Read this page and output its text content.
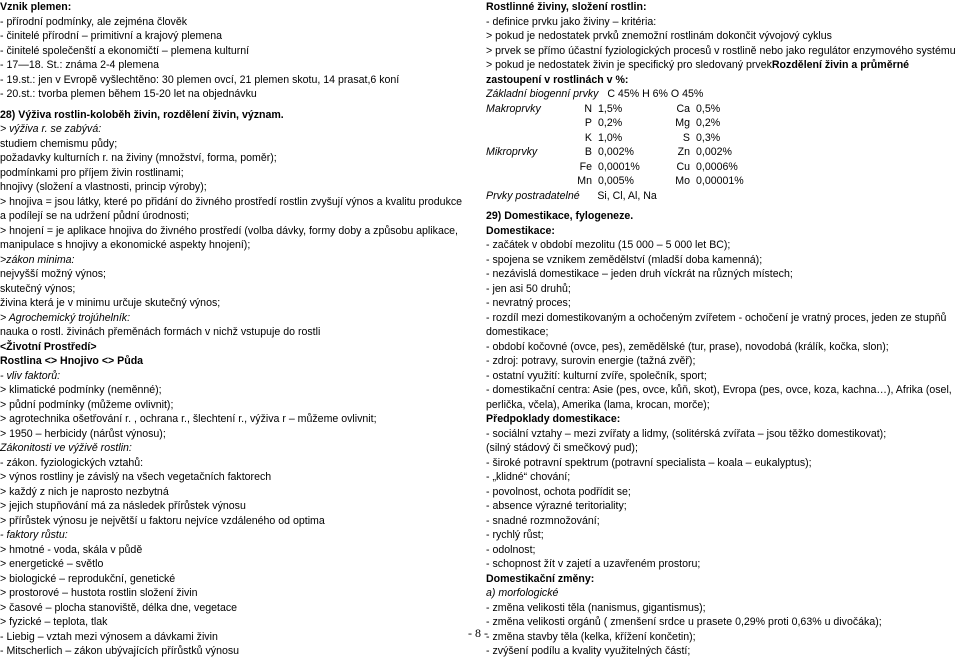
Vznik plemen:
- přírodní podmínky, ale zejména člověk
- činitelé přírodní – primitivní a krajový plemena
- činitelé společenští a ekonomičtí – plemena kulturní
- 17—18. St.: známa 2-4 plemena
- 19.st.: jen v Evropě vyšlechtěno: 30 plemen ovcí, 21 plemen skotu, 14 prasat,6 koní
- 20.st.: tvorba plemen během 15-20 let na objednávku
28) Výživa rostlin-koloběh živin, rozdělení živin, význam.
> výživa r. se zabývá:
studiem chemismu půdy;
požadavky kulturních r. na živiny (množství, forma, poměr);
podmínkami pro příjem živin rostlinami;
hnojivy (složení a vlastnosti, princip výroby);
> hnojiva = jsou látky, které po přidání do živného prostředí rostlin zvyšují výnos a kvalitu produkce
a podílejí se na udržení půdní úrodnosti;
> hnojení = je aplikace hnojiva do živného prostředí (volba dávky, formy doby a způsobu aplikace,
manipulace s hnojivy a ekonomické aspekty hnojení);
>zákon minima:
nejvyšší možný výnos;
skutečný výnos;
živina která je v minimu určuje skutečný výnos;
> Agrochemický trojúhelník:
nauka o rostl. živinách přeměnách formách v nichž vstupuje do rostli
<Životní Prostředí>
Rostlina <> Hnojivo <> Půda
- vliv faktorů:
> klimatické podmínky (neměnné);
> půdní podmínky (můžeme ovlivnit);
> agrotechnika ošetřování r. , ochrana r., šlechtení r., výživa r – můžeme ovlivnit;
> 1950 – herbicidy (nárůst výnosu);
Zákonitosti ve výživě rostlin:
- zákon. fyziologických vztahů:
> výnos rostliny je závislý na všech vegetačních faktorech
> každý z nich je naprosto nezbytná
> jejich stupňování má za následek přírůstek výnosu
> přírůstek výnosu je největší u faktoru nejvíce vzdáleného od optima
- faktory růstu:
> hmotné - voda, skála v půdě
> energetické – světlo
> biologické – reprodukční, genetické
> prostorové – hustota rostlin složení živin
> časové – plocha stanoviště, délka dne, vegetace
> fyzické – teplota, tlak
- Liebig – vztah mezi výnosem a dávkami živin
- Mitscherlich – zákon ubývajících přírůstků výnosu
Rostlinné živiny, složení rostlin:
- definice prvku jako živiny – kritéria:
> pokud je nedostatek prvků znemožní rostlinám dokončit vývojový cyklus
> prvek se přímo účastní fyziologických procesů v rostlině nebo jako regulátor enzymového systému
> pokud je nedostatek živin je specifický pro sledovaný prvekRozdělení živin a průměrné
zastoupení v rostlinách v %:
Základní biogenní prvky C 45% H 6% O 45%
Makroprvky	N 1,5%	Ca 0,5%
P 0,2%	Mg 0,2%
K 1,0%	S 0,3%
Mikroprvky	B 0,002%	Zn 0,002%
Fe 0,0001%	Cu 0,0006%
Mn 0,005%	Mo 0,00001%
Prvky postradatelné Si, Cl, Al, Na
29) Domestikace, fylogeneze.
Domestikace:
- začátek v období mezolitu (15 000 – 5 000 let BC);
- spojena se vznikem zemědělství (mladší doba kamenná);
- nezávislá domestikace – jeden druh víckrát na různých místech;
- jen asi 50 druhů;
- nevratný proces;
- rozdíl mezi domestikovaným a ochočeným zvířetem - ochočení je vratný proces, jeden ze stupňů
domestikace;
- období kočovné (ovce, pes), zemědělské (tur, prase), novodobá (králík, kočka, slon);
- zdroj: potravy, surovin energie (tažná zvěř);
- ostatní využití: kulturní zvíře, společník, sport;
- domestikační centra: Asie (pes, ovce, kůň, skot), Evropa (pes, ovce, koza, kachna…), Afrika (osel,
perlička, včela), Amerika (lama, krocan, morče);
Předpoklady domestikace:
- sociální vztahy – mezi zvířaty a lidmy, (solitérská zvířata – jsou těžko domestikovat);
(silný stádový či smečkový pud);
- široké potravní spektrum (potravní specialista – koala – eukalyptus);
- „klidné“ chování;
- povolnost, ochota podřídit se;
- absence výrazné teritoriality;
- snadné rozmnožování;
- rychlý růst;
- odolnost;
- schopnost žít v zajetí a uzavřeném prostoru;
Domestikační změny:
a) morfologické
- změna velikosti těla (nanismus, gigantismus);
- změna velikosti orgánů ( zmenšení srdce u prasete 0,29% proti 0,63% u divočáka);
- změna stavby těla (kelka, křížení končetin);
- zvýšení podílu a kvality využitelných částí;
- 8 -
